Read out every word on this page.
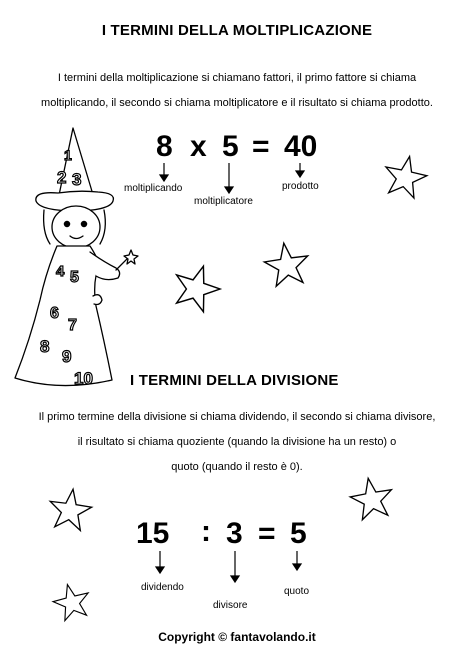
I TERMINI DELLA MOLTIPLICAZIONE
I termini della moltiplicazione si chiamano fattori, il primo fattore si chiama
moltiplicando, il secondo si chiama moltiplicatore e il risultato si chiama prodotto.
8 x 5 = 40
moltiplicando
moltiplicatore
prodotto
1
2 3
4 5
6
7
8
9
10 I TERMINI DELLA DIVISIONE
Il primo termine della divisione si chiama dividendo, il secondo si chiama divisore,
il risultato si chiama quoziente (quando la divisione ha un resto) o
quoto (quando il resto è 0).
15 : 3 = 5
dividendo
divisore
quoto
Copyright © fantavolando.it
